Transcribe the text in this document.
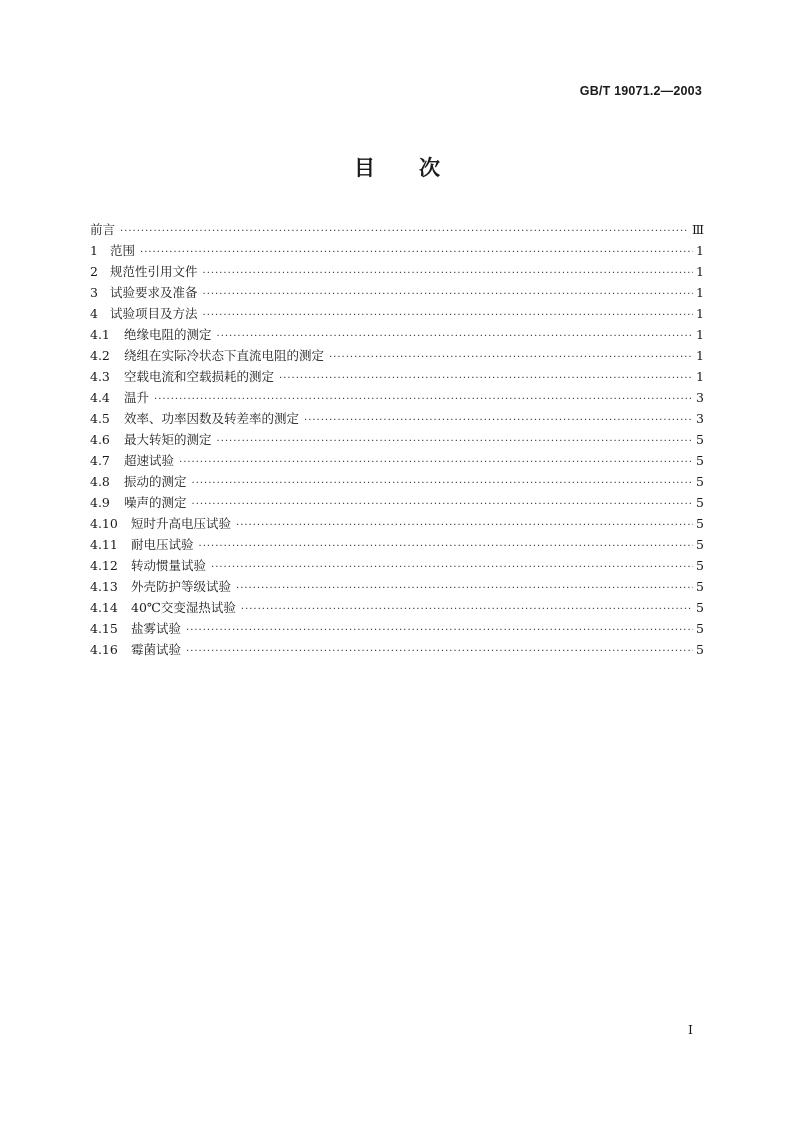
GB/T 19071.2—2003
目 次
前言 ·····	Ⅲ
1 范围 ·····	1
2 规范性引用文件 ·····	1
3 试验要求及准备 ·····	1
4 试验项目及方法 ·····	1
4.1	绝缘电阻的测定 ·····	1
4.2	绕组在实际冷状态下直流电阻的测定 ·····	1
4.3	空载电流和空载损耗的测定 ·····	1
4.4	温升 ·····	3
4.5	效率、功率因数及转差率的测定 ·····	3
4.6	最大转矩的测定 ·····	5
4.7	超速试验 ·····	5
4.8	振动的测定 ·····	5
4.9	噪声的测定 ·····	5
4.10	短时升高电压试验 ·····	5
4.11	耐电压试验 ·····	5
4.12	转动惯量试验 ·····	5
4.13	外壳防护等级试验 ·····	5
4.14	40℃交变湿热试验 ·····	5
4.15	盐雾试验 ·····	5
4.16	霉菌试验 ·····	5
I
